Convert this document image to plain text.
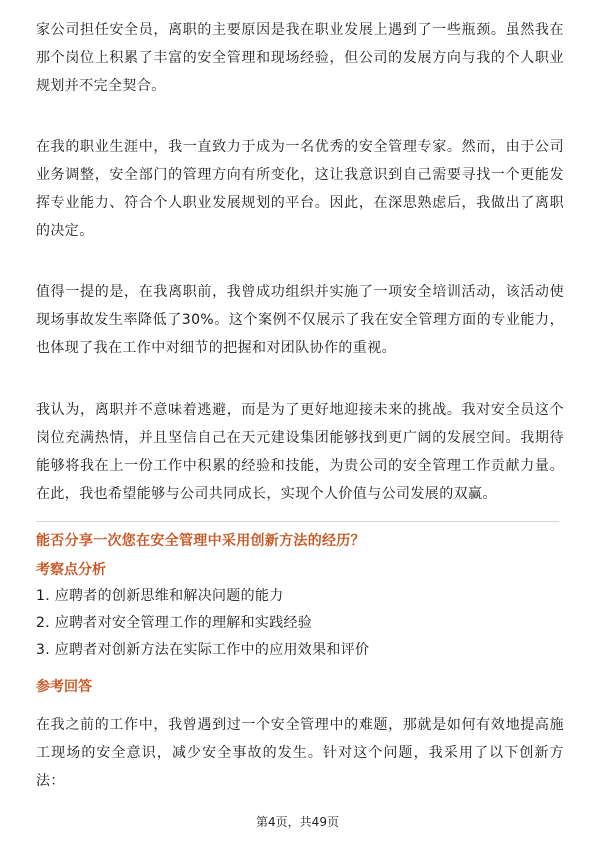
家公司担任安全员，离职的主要原因是我在职业发展上遇到了一些瓶颈。虽然我在那个岗位上积累了丰富的安全管理和现场经验，但公司的发展方向与我的个人职业规划并不完全契合。

在我的职业生涯中，我一直致力于成为一名优秀的安全管理专家。然而，由于公司业务调整，安全部门的管理方向有所变化，这让我意识到自己需要寻找一个更能发挥专业能力、符合个人职业发展规划的平台。因此，在深思熟虑后，我做出了离职的决定。

值得一提的是，在我离职前，我曾成功组织并实施了一项安全培训活动，该活动使现场事故发生率降低了30%。这个案例不仅展示了我在安全管理方面的专业能力，也体现了我在工作中对细节的把握和对团队协作的重视。

我认为，离职并不意味着逃避，而是为了更好地迎接未来的挑战。我对安全员这个岗位充满热情，并且坚信自己在天元建设集团能够找到更广阔的发展空间。我期待能够将我在上一份工作中积累的经验和技能，为贵公司的安全管理工作贡献力量。在此，我也希望能够与公司共同成长，实现个人价值与公司发展的双赢。

能否分享一次您在安全管理中采用创新方法的经历？
考察点分析
1. 应聘者的创新思维和解决问题的能力
2. 应聘者对安全管理工作的理解和实践经验
3. 应聘者对创新方法在实际工作中的应用效果和评价
参考回答

在我之前的工作中，我曾遇到过一个安全管理中的难题，那就是如何有效地提高施工现场的安全意识，减少安全事故的发生。针对这个问题，我采用了以下创新方法：

第4页，共49页
